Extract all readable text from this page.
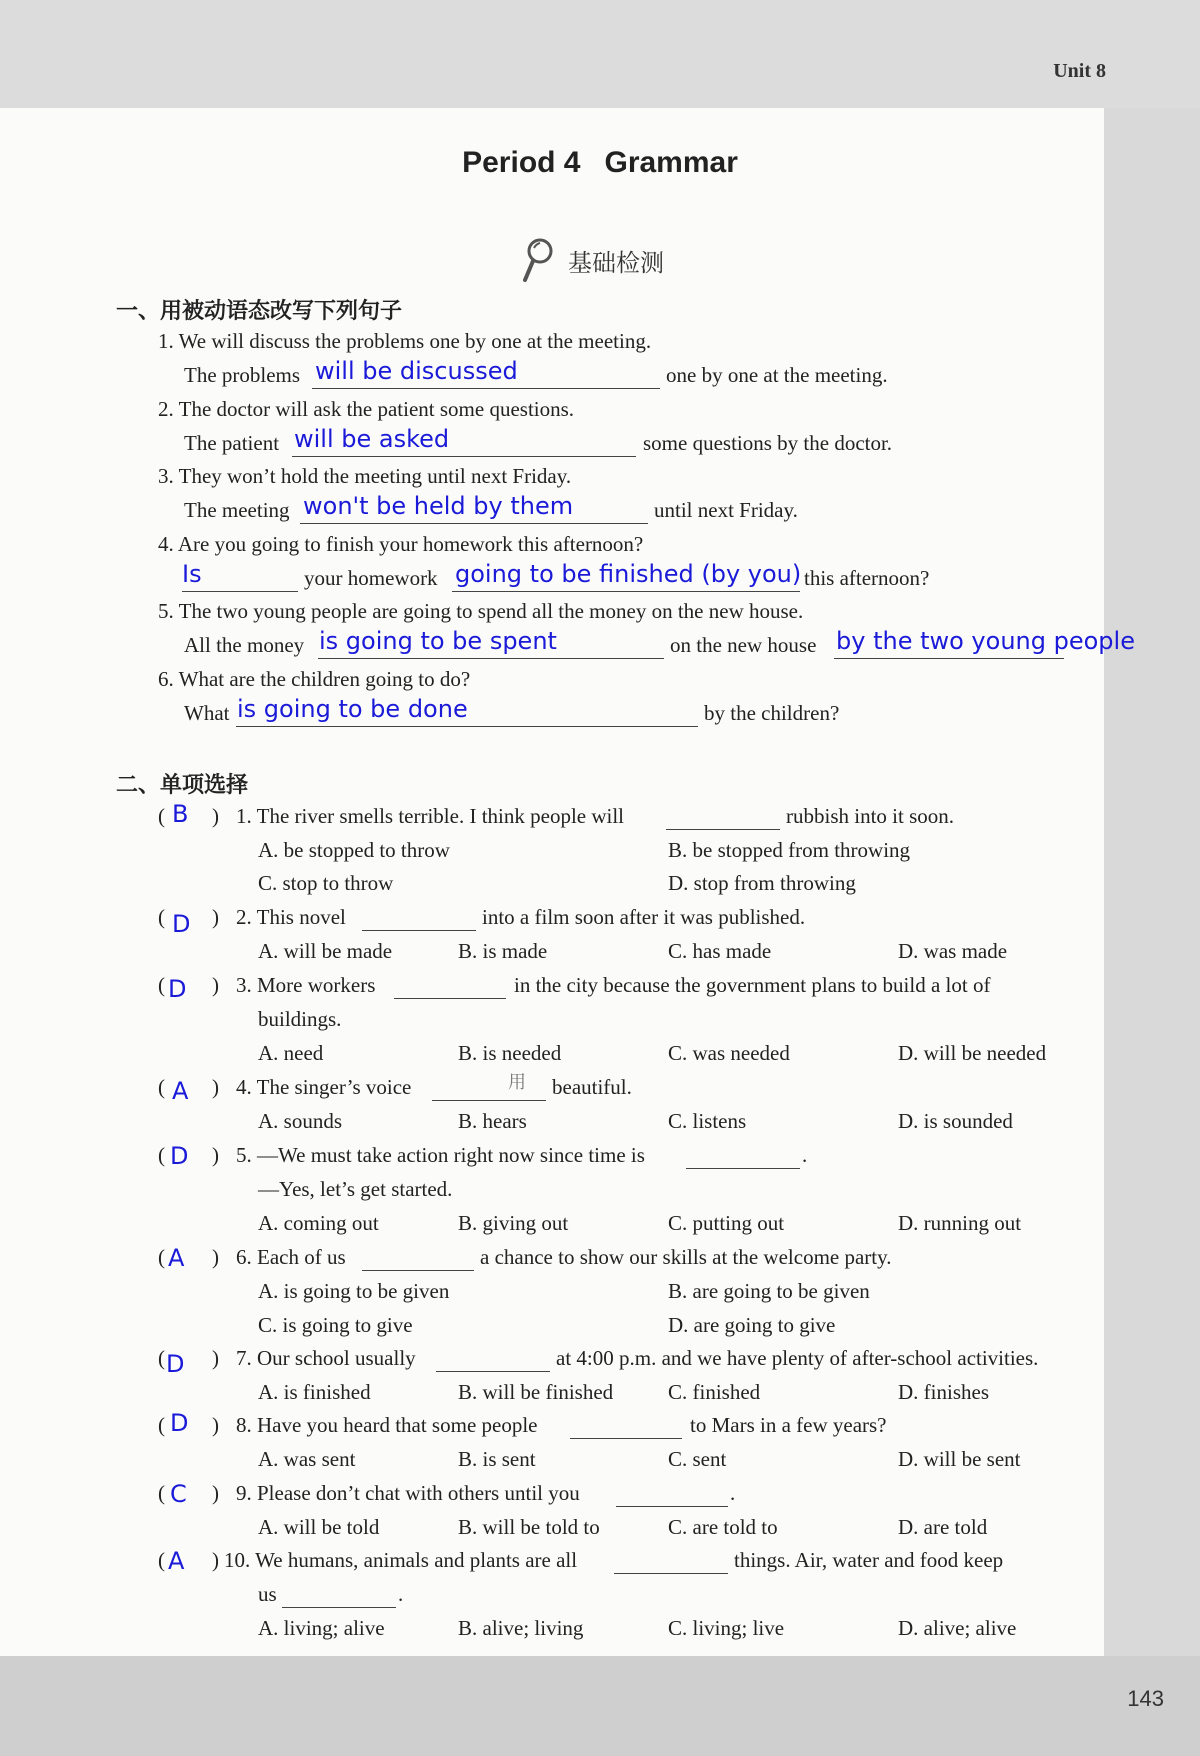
Unit 8
143
Period 4 Grammar
基础检测
一、用被动语态改写下列句子
1. We will discuss the problems one by one at the meeting.
The problems will be discussed	one by one at the meeting.
2. The doctor will ask the patient some questions.
The patient will be asked	some questions by the doctor.
3. They won’t hold the meeting until next Friday.
The meeting won't be held by them	until next Friday.
4. Are you going to finish your homework this afternoon?
Is	your homework going to be finished (by you) this afternoon?
5. The two young people are going to spend all the money on the new house.
All the money is going to be spent	on the new house by the two young people
6. What are the children going to do?
What is going to be done	by the children?
二、单项选择
( B ) 1. The river smells terrible. I think people will	rubbish into it soon.
A. be stopped to throw	B. be stopped from throwing
C. stop to throw	D. stop from throwing
( D ) 2. This novel	into a film soon after it was published.
A. will be made	B. is made	C. has made	D. was made
( D ) 3. More workers	in the city because the government plans to build a lot of
buildings.
A. need	B. is needed	C. was needed	D. will be needed
( A ) 4. The singer’s voice	用 beautiful.
A. sounds	B. hears	C. listens	D. is sounded
( D ) 5. —We must take action right now since time is	.
—Yes, let’s get started.
A. coming out	B. giving out	C. putting out	D. running out
( A ) 6. Each of us	a chance to show our skills at the welcome party.
A. is going to be given	B. are going to be given
C. is going to give	D. are going to give
( D ) 7. Our school usually	at 4:00 p.m. and we have plenty of after-school activities.
A. is finished	B. will be finished	C. finished	D. finishes
( D ) 8. Have you heard that some people	to Mars in a few years?
A. was sent	B. is sent	C. sent	D. will be sent
( C ) 9. Please don’t chat with others until you	.
A. will be told	B. will be told to	C. are told to	D. are told
( A ) 10. We humans, animals and plants are all	things. Air, water and food keep
us	.
A. living; alive	B. alive; living	C. living; live	D. alive; alive
